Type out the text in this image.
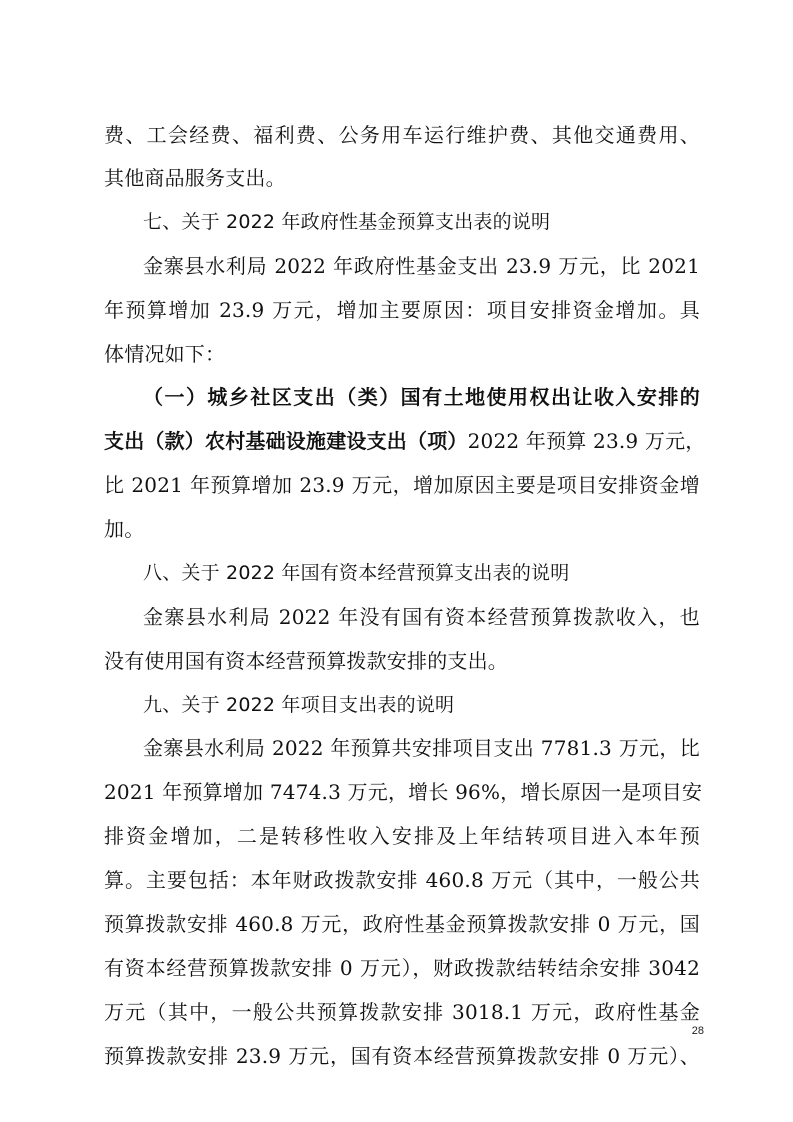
费、工会经费、福利费、公务用车运行维护费、其他交通费用、
其他商品服务支出。
七、关于 2022 年政府性基金预算支出表的说明
金寨县水利局 2022 年政府性基金支出 23.9 万元，比 2021
年预算增加 23.9 万元，增加主要原因：项目安排资金增加。具
体情况如下：
（一）城乡社区支出（类）国有土地使用权出让收入安排的
支出（款）农村基础设施建设支出（项）2022 年预算 23.9 万元，
比 2021 年预算增加 23.9 万元，增加原因主要是项目安排资金增
加。
八、关于 2022 年国有资本经营预算支出表的说明
金寨县水利局 2022 年没有国有资本经营预算拨款收入，也
没有使用国有资本经营预算拨款安排的支出。
九、关于 2022 年项目支出表的说明
金寨县水利局 2022 年预算共安排项目支出 7781.3 万元，比
2021 年预算增加 7474.3 万元，增长 96%，增长原因一是项目安
排资金增加，二是转移性收入安排及上年结转项目进入本年预
算。主要包括：本年财政拨款安排 460.8 万元（其中，一般公共
预算拨款安排 460.8 万元，政府性基金预算拨款安排 0 万元，国
有资本经营预算拨款安排 0 万元），财政拨款结转结余安排 3042
万元（其中，一般公共预算拨款安排 3018.1 万元，政府性基金
预算拨款安排 23.9 万元，国有资本经营预算拨款安排 0 万元）、
28
